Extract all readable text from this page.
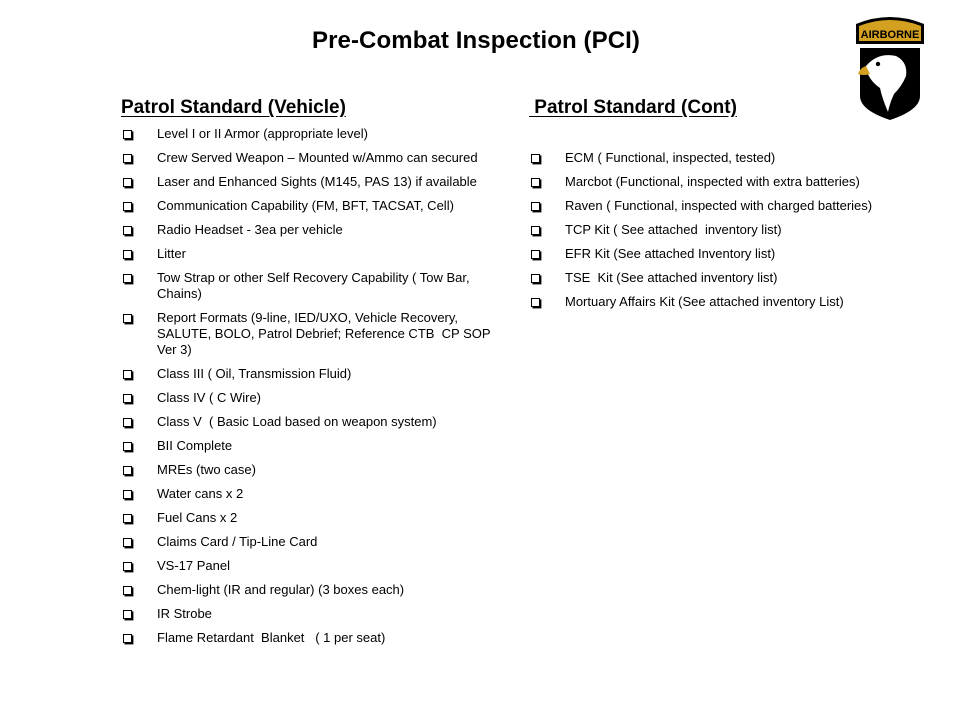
Pre-Combat Inspection (PCI)	AIRBORNE
Patrol Standard (Vehicle)
Level I or II Armor (appropriate level)
Crew Served Weapon – Mounted w/Ammo can secured
Laser and Enhanced Sights (M145, PAS 13) if available
Communication Capability (FM, BFT, TACSAT, Cell)
Radio Headset - 3ea per vehicle
Litter
Tow Strap or other Self Recovery Capability ( Tow Bar, Chains)
Report Formats (9-line, IED/UXO, Vehicle Recovery, SALUTE, BOLO, Patrol Debrief; Reference CTB  CP SOP Ver 3)
Class III ( Oil, Transmission Fluid)
Class IV ( C Wire)
Class V  ( Basic Load based on weapon system)
BII Complete
MREs (two case)
Water cans x 2
Fuel Cans x 2
Claims Card / Tip-Line Card
VS-17 Panel
Chem-light (IR and regular) (3 boxes each)
IR Strobe
Flame Retardant  Blanket   ( 1 per seat)
Patrol Standard (Cont)
ECM ( Functional, inspected, tested)
Marcbot (Functional, inspected with extra batteries)
Raven ( Functional, inspected with charged batteries)
TCP Kit ( See attached  inventory list)
EFR Kit (See attached Inventory list)
TSE  Kit (See attached inventory list)
Mortuary Affairs Kit (See attached inventory List)
